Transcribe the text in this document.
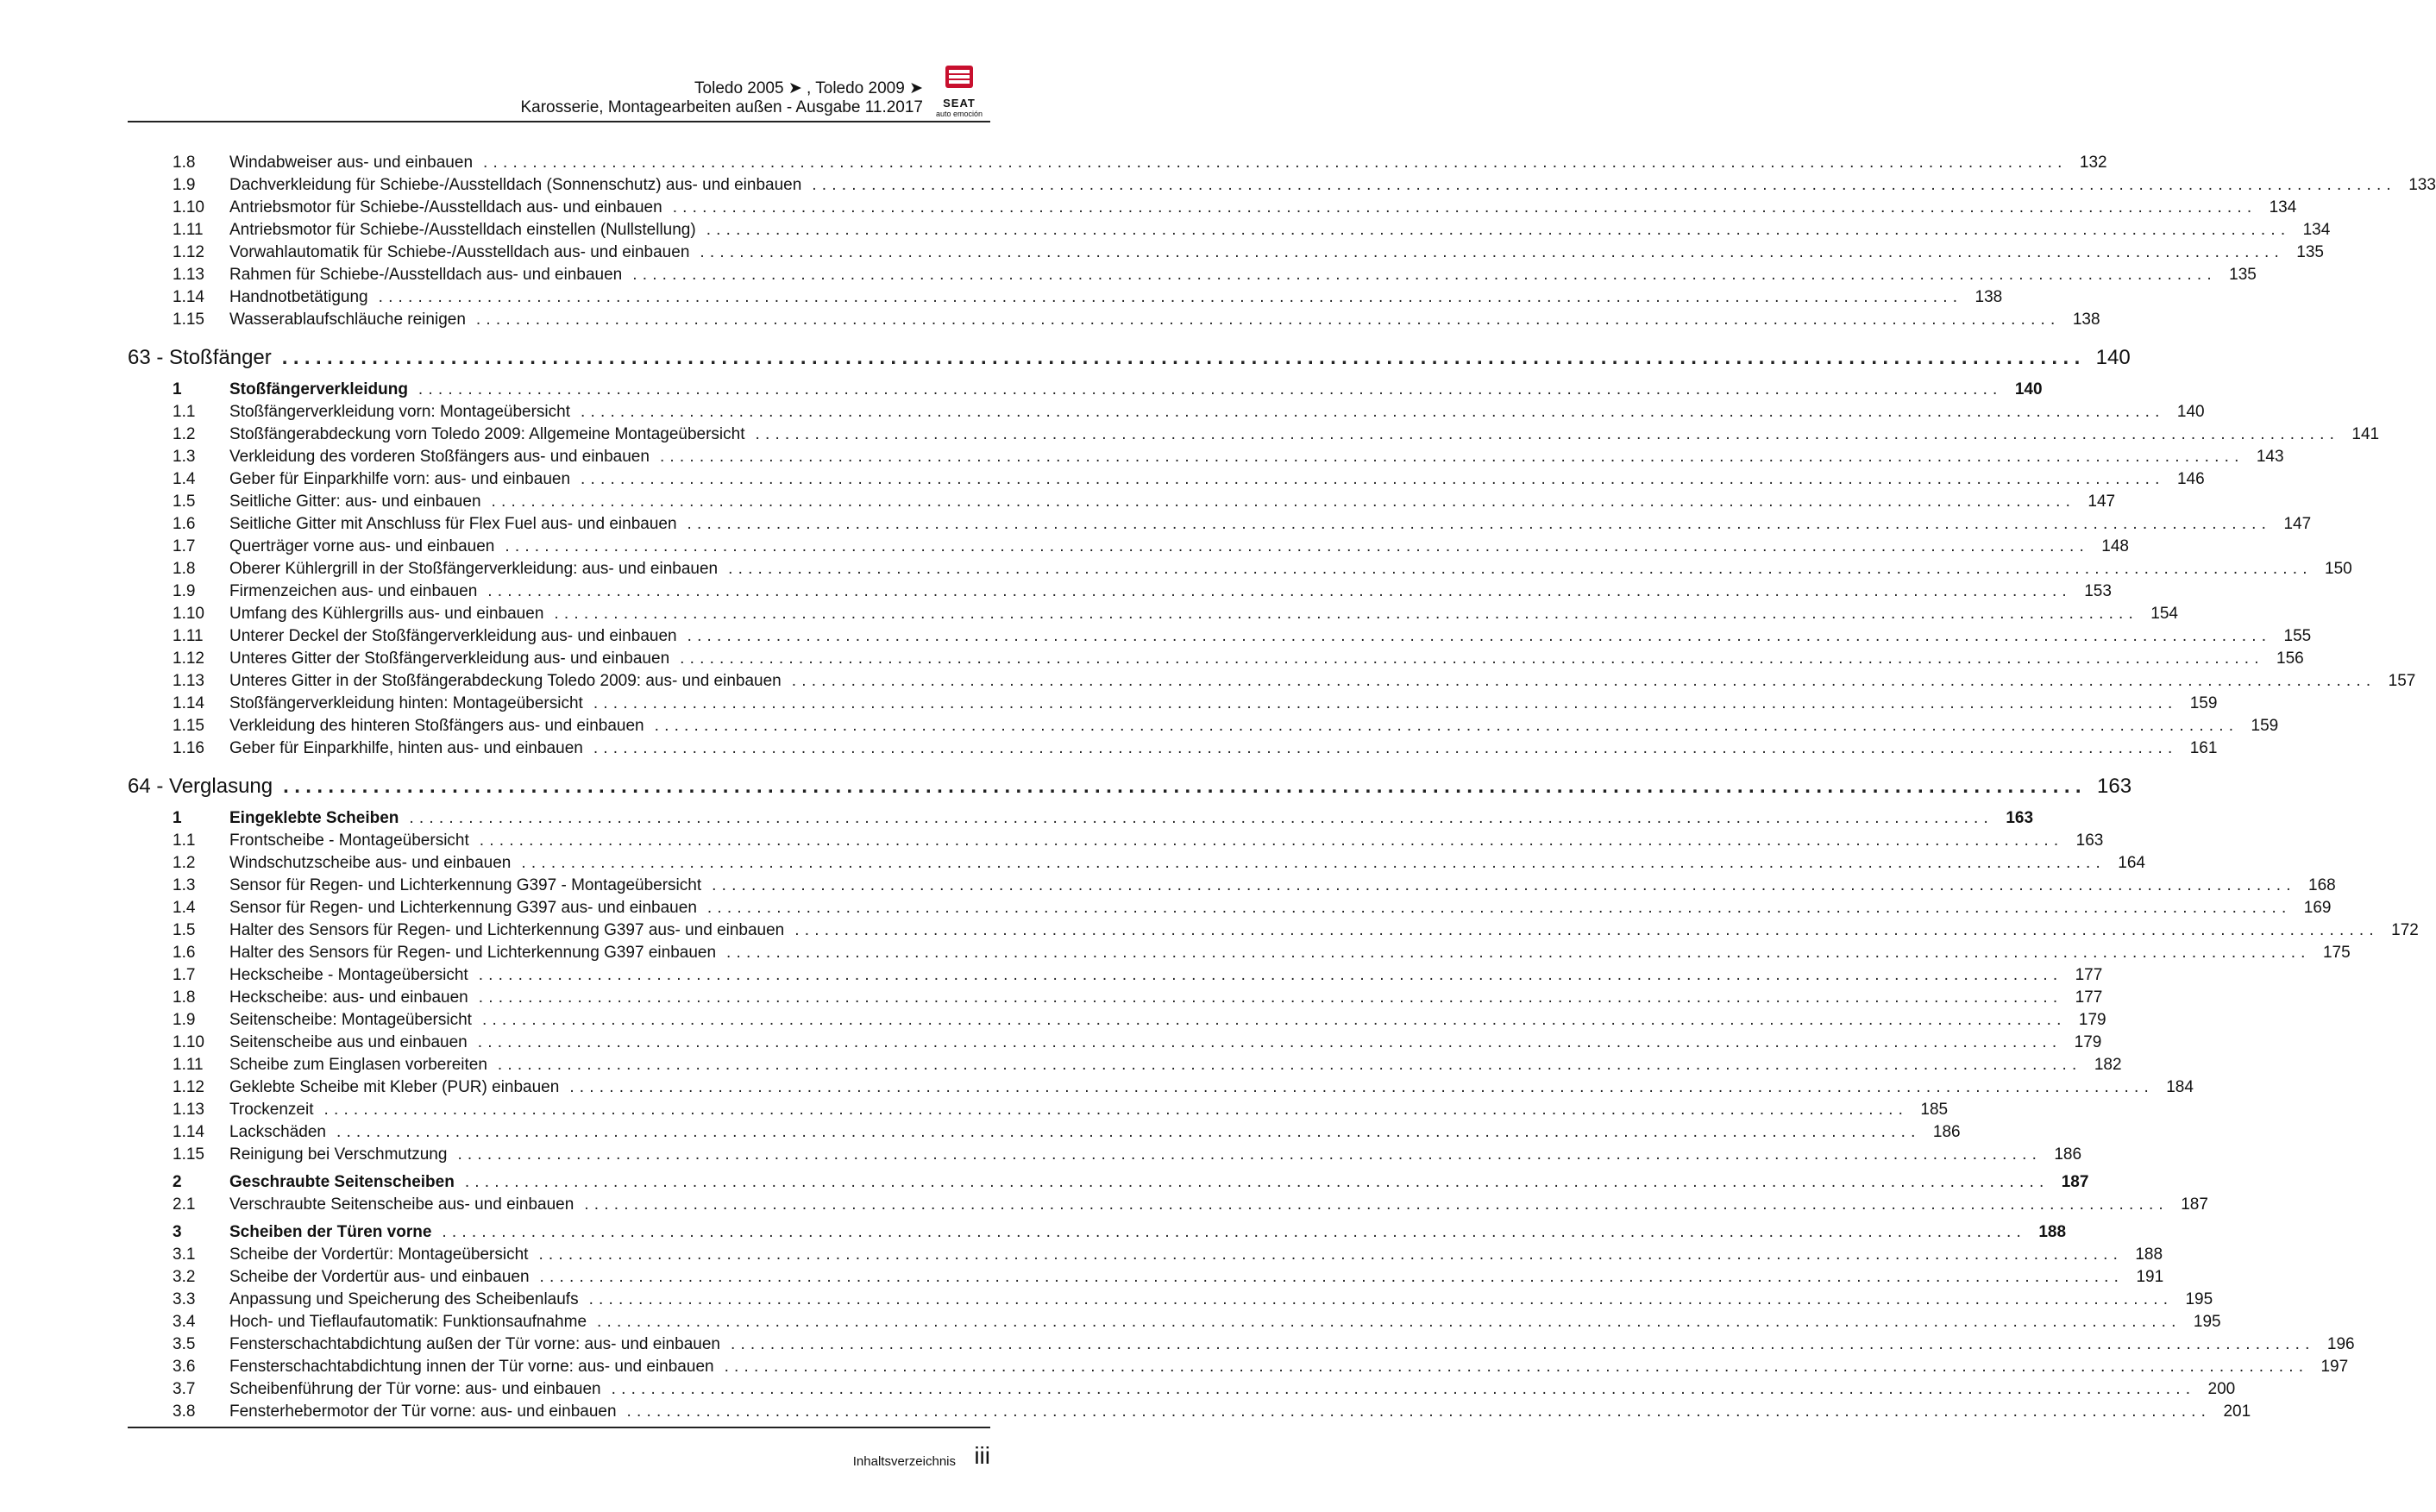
Toledo 2005 ➤ , Toledo 2009 ➤
Karosserie, Montagearbeiten außen - Ausgabe 11.2017	SEAT
auto emoción
1.8	Windabweiser aus- und einbauen ................................................................................................................................................................ 132
1.9	Dachverkleidung für Schiebe-/Ausstelldach (Sonnenschutz) aus- und einbauen ................................................................................................................................................................ 133
1.10	Antriebsmotor für Schiebe-/Ausstelldach aus- und einbauen ................................................................................................................................................................ 134
1.11	Antriebsmotor für Schiebe-/Ausstelldach einstellen (Nullstellung) ................................................................................................................................................................ 134
1.12	Vorwahlautomatik für Schiebe-/Ausstelldach aus- und einbauen ................................................................................................................................................................ 135
1.13	Rahmen für Schiebe-/Ausstelldach aus- und einbauen ................................................................................................................................................................ 135
1.14	Handnotbetätigung ................................................................................................................................................................ 138
1.15	Wasserablaufschläuche reinigen ................................................................................................................................................................ 138
63 - Stoßfänger ................................................................................................................................................................ 140
1	Stoßfängerverkleidung ................................................................................................................................................................ 140
1.1	Stoßfängerverkleidung vorn: Montageübersicht ................................................................................................................................................................ 140
1.2	Stoßfängerabdeckung vorn Toledo 2009: Allgemeine Montageübersicht ................................................................................................................................................................ 141
1.3	Verkleidung des vorderen Stoßfängers aus- und einbauen ................................................................................................................................................................ 143
1.4	Geber für Einparkhilfe vorn: aus- und einbauen ................................................................................................................................................................ 146
1.5	Seitliche Gitter: aus- und einbauen ................................................................................................................................................................ 147
1.6	Seitliche Gitter mit Anschluss für Flex Fuel aus- und einbauen ................................................................................................................................................................ 147
1.7	Querträger vorne aus- und einbauen ................................................................................................................................................................ 148
1.8	Oberer Kühlergrill in der Stoßfängerverkleidung: aus- und einbauen ................................................................................................................................................................ 150
1.9	Firmenzeichen aus- und einbauen ................................................................................................................................................................ 153
1.10	Umfang des Kühlergrills aus- und einbauen ................................................................................................................................................................ 154
1.11	Unterer Deckel der Stoßfängerverkleidung aus- und einbauen ................................................................................................................................................................ 155
1.12	Unteres Gitter der Stoßfängerverkleidung aus- und einbauen ................................................................................................................................................................ 156
1.13	Unteres Gitter in der Stoßfängerabdeckung Toledo 2009: aus- und einbauen ................................................................................................................................................................ 157
1.14	Stoßfängerverkleidung hinten: Montageübersicht ................................................................................................................................................................ 159
1.15	Verkleidung des hinteren Stoßfängers aus- und einbauen ................................................................................................................................................................ 159
1.16	Geber für Einparkhilfe, hinten aus- und einbauen ................................................................................................................................................................ 161
64 - Verglasung ................................................................................................................................................................ 163
1	Eingeklebte Scheiben ................................................................................................................................................................ 163
1.1	Frontscheibe - Montageübersicht ................................................................................................................................................................ 163
1.2	Windschutzscheibe aus- und einbauen ................................................................................................................................................................ 164
1.3	Sensor für Regen- und Lichterkennung G397 - Montageübersicht ................................................................................................................................................................ 168
1.4	Sensor für Regen- und Lichterkennung G397 aus- und einbauen ................................................................................................................................................................ 169
1.5	Halter des Sensors für Regen- und Lichterkennung G397 aus- und einbauen ................................................................................................................................................................ 172
1.6	Halter des Sensors für Regen- und Lichterkennung G397 einbauen ................................................................................................................................................................ 175
1.7	Heckscheibe - Montageübersicht ................................................................................................................................................................ 177
1.8	Heckscheibe: aus- und einbauen ................................................................................................................................................................ 177
1.9	Seitenscheibe: Montageübersicht ................................................................................................................................................................ 179
1.10	Seitenscheibe aus und einbauen ................................................................................................................................................................ 179
1.11	Scheibe zum Einglasen vorbereiten ................................................................................................................................................................ 182
1.12	Geklebte Scheibe mit Kleber (PUR) einbauen ................................................................................................................................................................ 184
1.13	Trockenzeit ................................................................................................................................................................ 185
1.14	Lackschäden ................................................................................................................................................................ 186
1.15	Reinigung bei Verschmutzung ................................................................................................................................................................ 186
2	Geschraubte Seitenscheiben ................................................................................................................................................................ 187
2.1	Verschraubte Seitenscheibe aus- und einbauen ................................................................................................................................................................ 187
3	Scheiben der Türen vorne ................................................................................................................................................................ 188
3.1	Scheibe der Vordertür: Montageübersicht ................................................................................................................................................................ 188
3.2	Scheibe der Vordertür aus- und einbauen ................................................................................................................................................................ 191
3.3	Anpassung und Speicherung des Scheibenlaufs ................................................................................................................................................................ 195
3.4	Hoch- und Tieflaufautomatik: Funktionsaufnahme ................................................................................................................................................................ 195
3.5	Fensterschachtabdichtung außen der Tür vorne: aus- und einbauen ................................................................................................................................................................ 196
3.6	Fensterschachtabdichtung innen der Tür vorne: aus- und einbauen ................................................................................................................................................................ 197
3.7	Scheibenführung der Tür vorne: aus- und einbauen ................................................................................................................................................................ 200
3.8	Fensterhebermotor der Tür vorne: aus- und einbauen ................................................................................................................................................................ 201
Inhaltsverzeichnis iii
